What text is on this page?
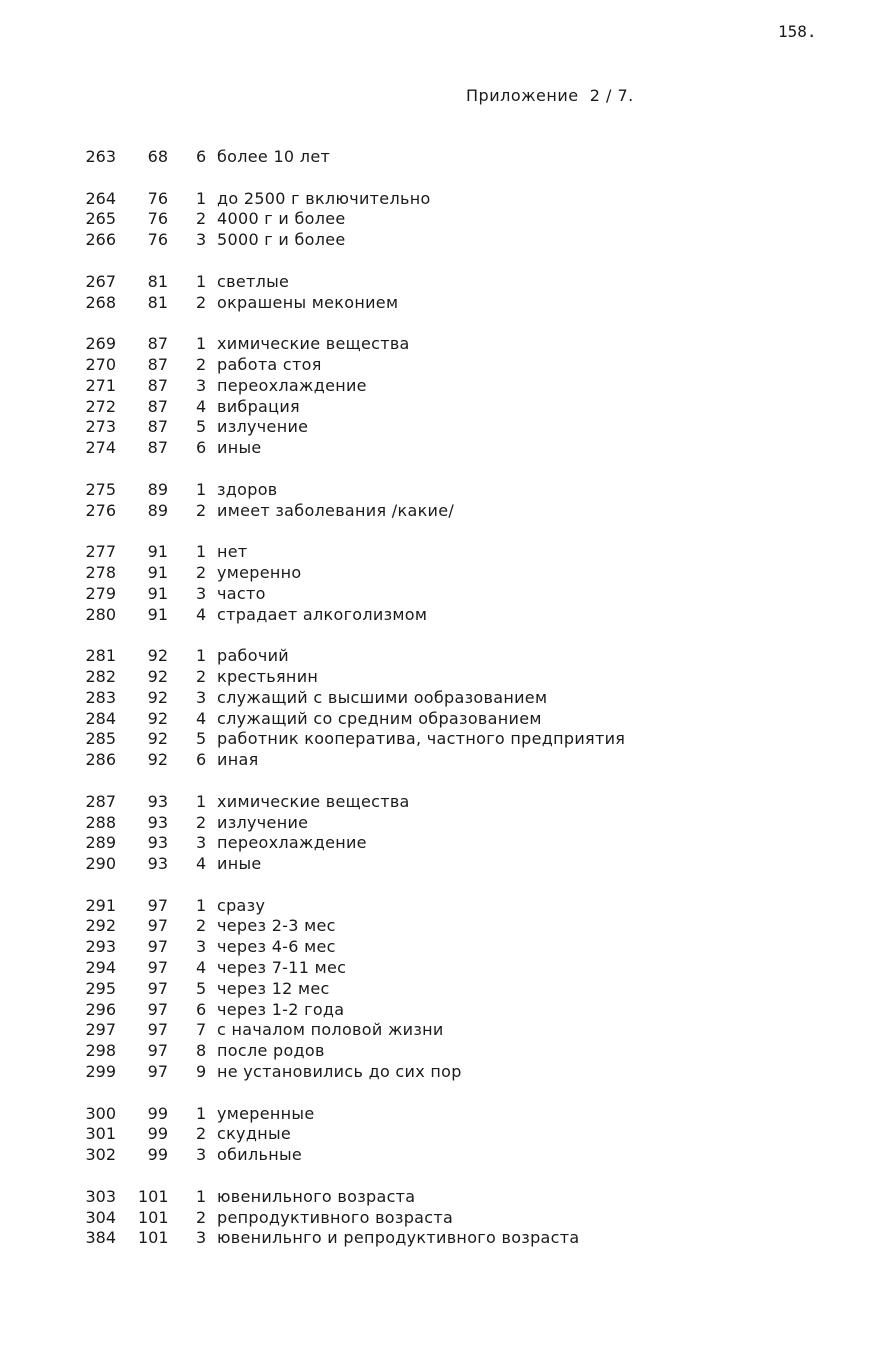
158.
Приложение  2 / 7.
263	68 6 более 10 лет
264	76 1 до 2500 г включительно
265	76 2 4000 г и более
266	76 3 5000 г и более
267	81 1 светлые
268	81 2 окрашены меконием
269	87 1 химические вещества
270	87 2 работа стоя
271	87 3 переохлаждение
272	87 4 вибрация
273	87 5 излучение
274	87 6 иные
275	89 1 здоров
276	89 2 имеет заболевания /какие/
277	91 1 нет
278	91 2 умеренно
279	91 3 часто
280	91 4 страдает алкоголизмом
281	92 1 рабочий
282	92 2 крестьянин
283	92 3 служащий с высшими ообразованием
284	92 4 служащий со средним образованием
285	92 5 работник кооператива, частного предприятия
286	92 6 иная
287	93 1 химические вещества
288	93 2 излучение
289	93 3 переохлаждение
290	93 4 иные
291	97 1 сразу
292	97 2 через 2-3 мес
293	97 3 через 4-6 мес
294	97 4 через 7-11 мес
295	97 5 через 12 мес
296	97 6 через 1-2 года
297	97 7 с началом половой жизни
298	97 8 после родов
299	97 9 не установились до сих пор
300	99 1 умеренные
301	99 2 скудные
302	99 3 обильные
303 101 1 ювенильного возраста
304 101 2 репродуктивного возраста
384 101 3 ювенильнго и репродуктивного возраста
